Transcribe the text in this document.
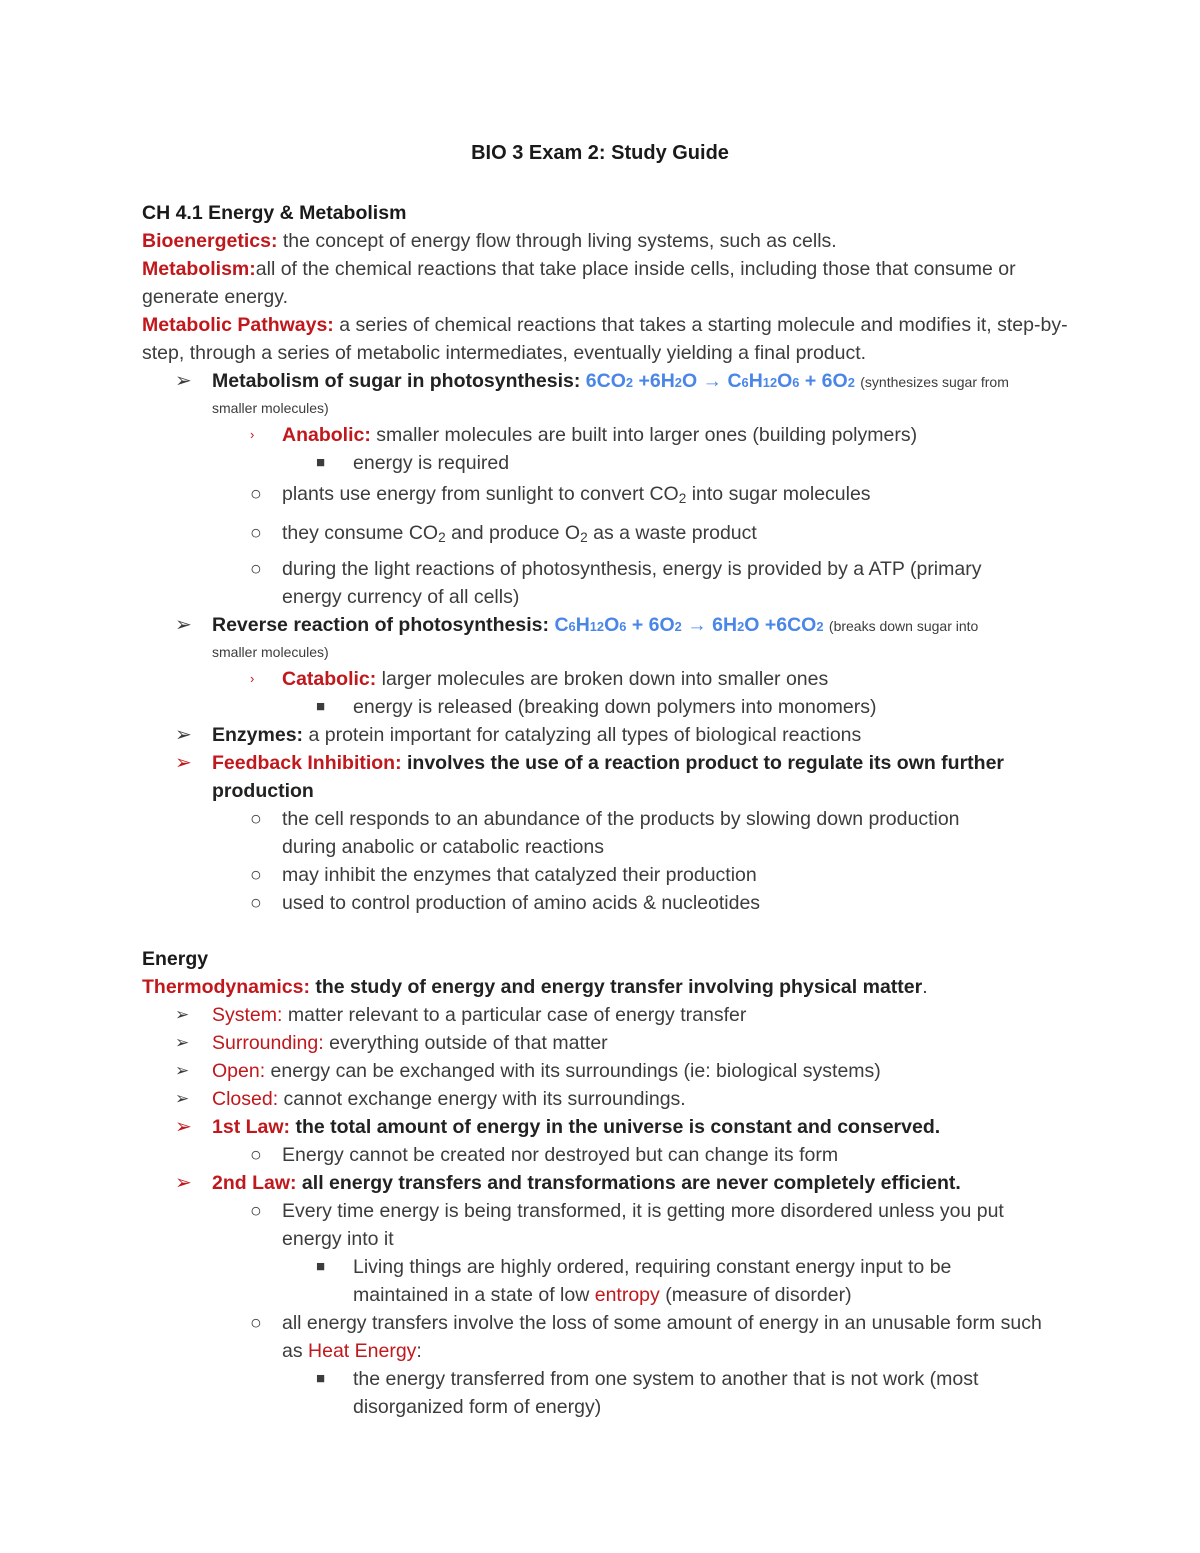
BIO 3 Exam 2: Study Guide
CH 4.1 Energy & Metabolism
Bioenergetics: the concept of energy flow through living systems, such as cells.
Metabolism:all of the chemical reactions that take place inside cells, including those that consume or generate energy.
Metabolic Pathways: a series of chemical reactions that takes a starting molecule and modifies it, step-by-step, through a series of metabolic intermediates, eventually yielding a final product.
➢ Metabolism of sugar in photosynthesis: 6CO2 +6H2O → C6H12O6 + 6O2 (synthesizes sugar from
smaller molecules)
› Anabolic: smaller molecules are built into larger ones (building polymers)
■ energy is required
○ plants use energy from sunlight to convert $CO_2$ into sugar molecules
○ they consume $CO_2$ and produce $O_2$ as a waste product
○ during the light reactions of photosynthesis, energy is provided by a ATP (primary energy currency of all cells)
➢ Reverse reaction of photosynthesis: C6H12O6 + 6O2 → 6H2O +6CO2 (breaks down sugar into
smaller molecules)
› Catabolic: larger molecules are broken down into smaller ones
■ energy is released (breaking down polymers into monomers)
➢ Enzymes: a protein important for catalyzing all types of biological reactions
➢ Feedback Inhibition: involves the use of a reaction product to regulate its own further production
○ the cell responds to an abundance of the products by slowing down production during anabolic or catabolic reactions
○ may inhibit the enzymes that catalyzed their production
○ used to control production of amino acids & nucleotides
Energy
Thermodynamics: the study of energy and energy transfer involving physical matter.
➢ System: matter relevant to a particular case of energy transfer
➢ Surrounding: everything outside of that matter
➢ Open: energy can be exchanged with its surroundings (ie: biological systems)
➢ Closed: cannot exchange energy with its surroundings.
➢ 1st Law: the total amount of energy in the universe is constant and conserved.
○ Energy cannot be created nor destroyed but can change its form
➢ 2nd Law: all energy transfers and transformations are never completely efficient.
○ Every time energy is being transformed, it is getting more disordered unless you put energy into it
■ Living things are highly ordered, requiring constant energy input to be maintained in a state of low entropy (measure of disorder)
○ all energy transfers involve the loss of some amount of energy in an unusable form such as Heat Energy:
■ the energy transferred from one system to another that is not work (most disorganized form of energy)
